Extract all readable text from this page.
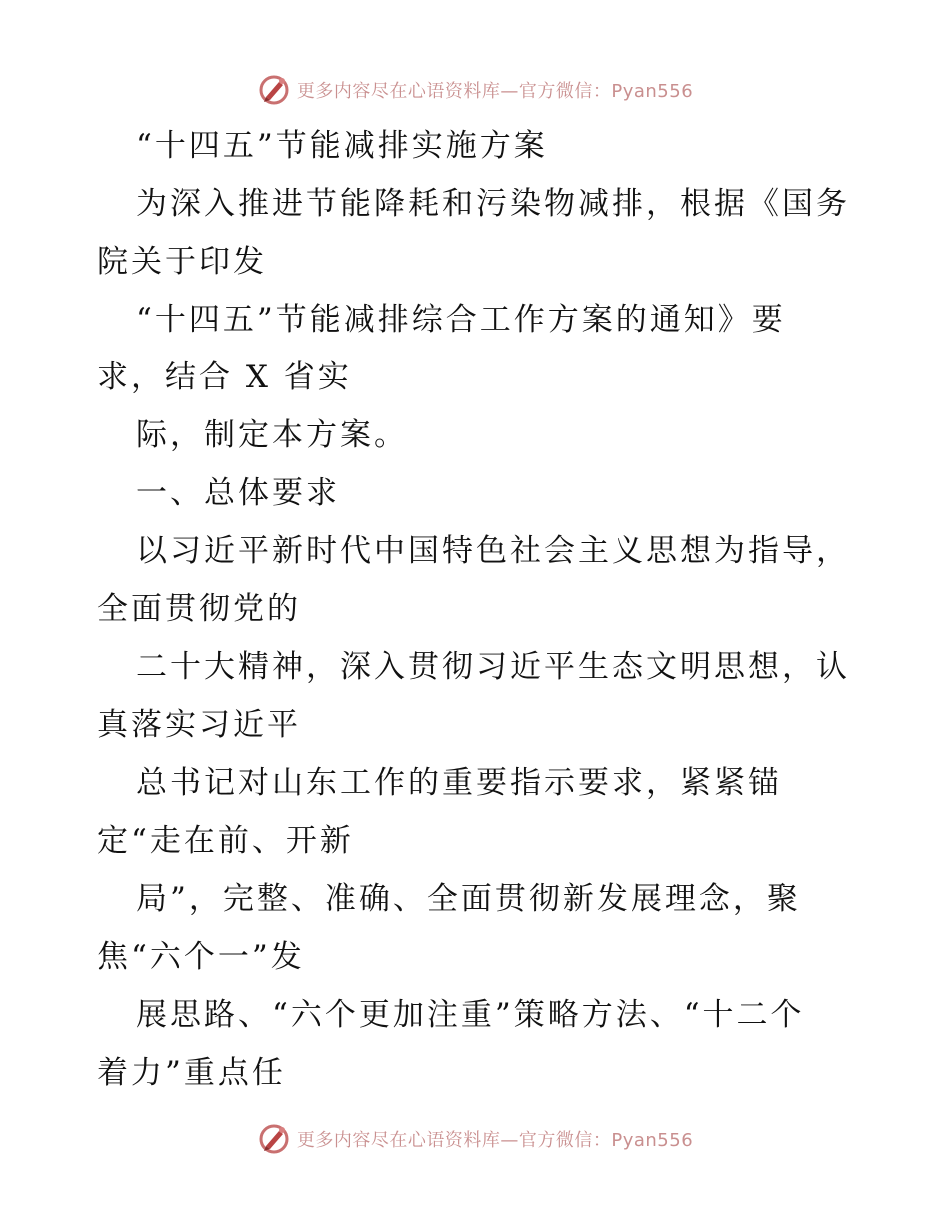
更多内容尽在心语资料库—官方微信：Pyan556
“十四五”节能减排实施方案
为深入推进节能降耗和污染物减排，根据《国务
院关于印发
“十四五”节能减排综合工作方案的通知》要
求，结合 X 省实
际，制定本方案。
一、总体要求
以习近平新时代中国特色社会主义思想为指导，
全面贯彻党的
二十大精神，深入贯彻习近平生态文明思想，认
真落实习近平
总书记对山东工作的重要指示要求，紧紧锚
定“走在前、开新
局”，完整、准确、全面贯彻新发展理念，聚
焦“六个一”发
展思路、“六个更加注重”策略方法、“十二个
着力”重点任
更多内容尽在心语资料库—官方微信：Pyan556
